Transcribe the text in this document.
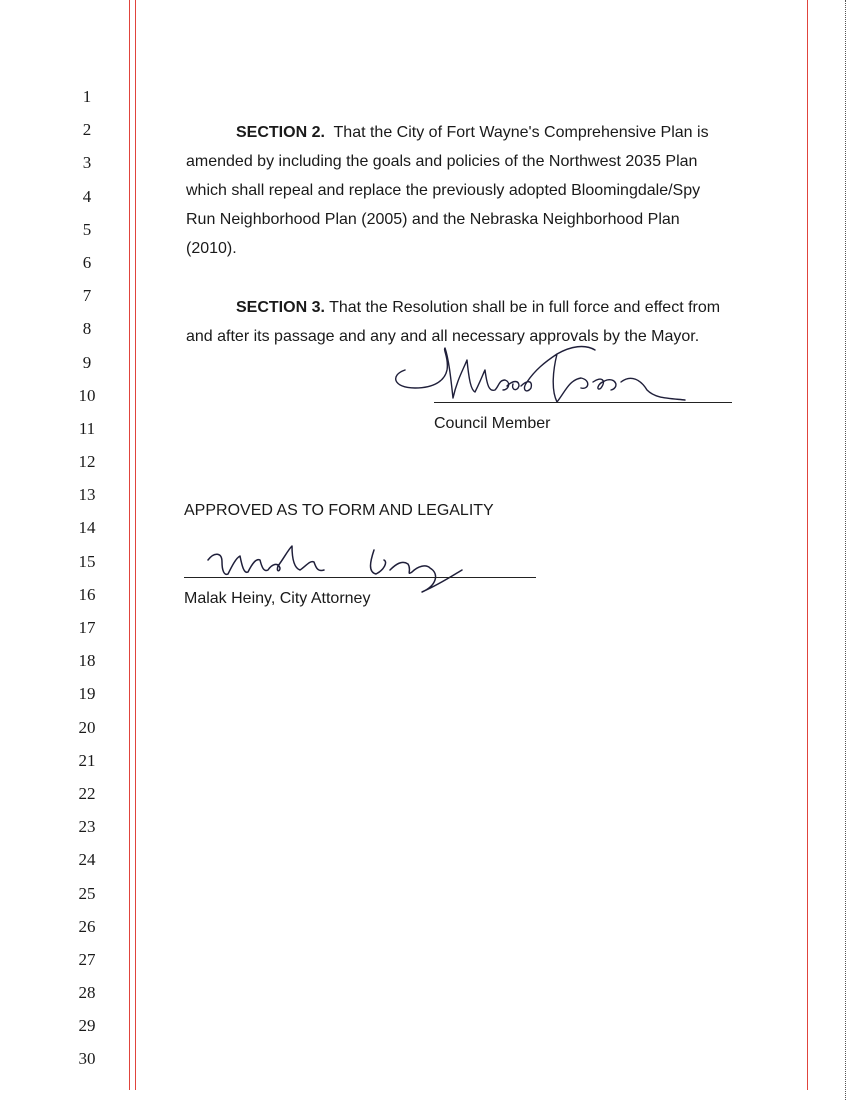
1
2
3
4
5
6
7
8
9
10
11
12
13
14
15
16
17
18
19
20
21
22
23
24
25
26
27
28
29
30

SECTION 2. That the City of Fort Wayne's Comprehensive Plan is
amended by including the goals and policies of the Northwest 2035 Plan
which shall repeal and replace the previously adopted Bloomingdale/Spy
Run Neighborhood Plan (2005) and the Nebraska Neighborhood Plan
(2010).

SECTION 3. That the Resolution shall be in full force and effect from
and after its passage and any and all necessary approvals by the Mayor.

Council Member
APPROVED AS TO FORM AND LEGALITY
Malak Heiny, City Attorney
